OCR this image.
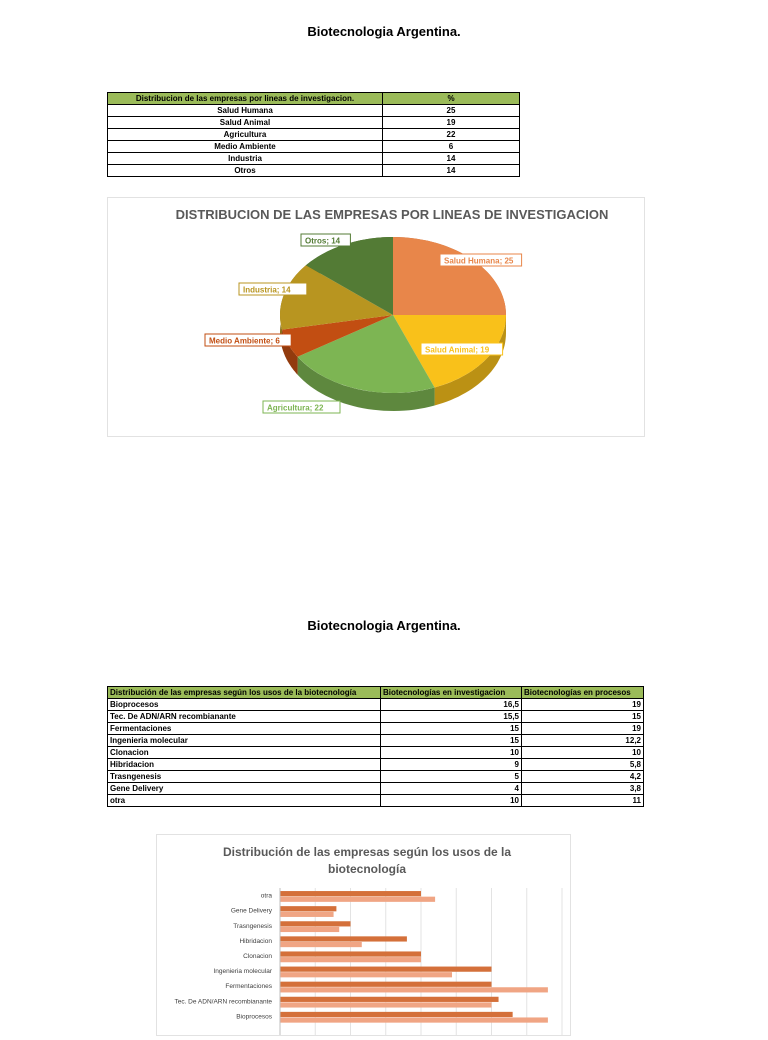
Biotecnologia Argentina.
Distribucion de las empresas por lineas de investigacion.	%
Salud Humana	25
Salud Animal	19
Agricultura	22
Medio Ambiente	6
Industria	14
Otros	14
DISTRIBUCION DE LAS EMPRESAS POR LINEAS DE INVESTIGACION
Salud Humana; 25
Salud Animal; 19
Agricultura; 22
Medio Ambiente; 6
Industria; 14
Otros; 14
Biotecnologia Argentina.
Distribución de las empresas según los usos de la biotecnología	Biotecnologías en investigacion	Biotecnologías en procesos
Bioprocesos	16,5	19
Tec. De ADN/ARN recombianante	15,5	15
Fermentaciones	15	19
Ingenieria molecular	15	12,2
Clonacion	10	10
Hibridacion	9	5,8
Trasngenesis	5	4,2
Gene Delivery	4	3,8
otra	10	11
Distribución de las empresas según los usos de la
biotecnología
otra
Gene Delivery
Trasngenesis
Hibridacion
Clonacion
Ingenieria molecular
Fermentaciones
Tec. De ADN/ARN recombianante
Bioprocesos
